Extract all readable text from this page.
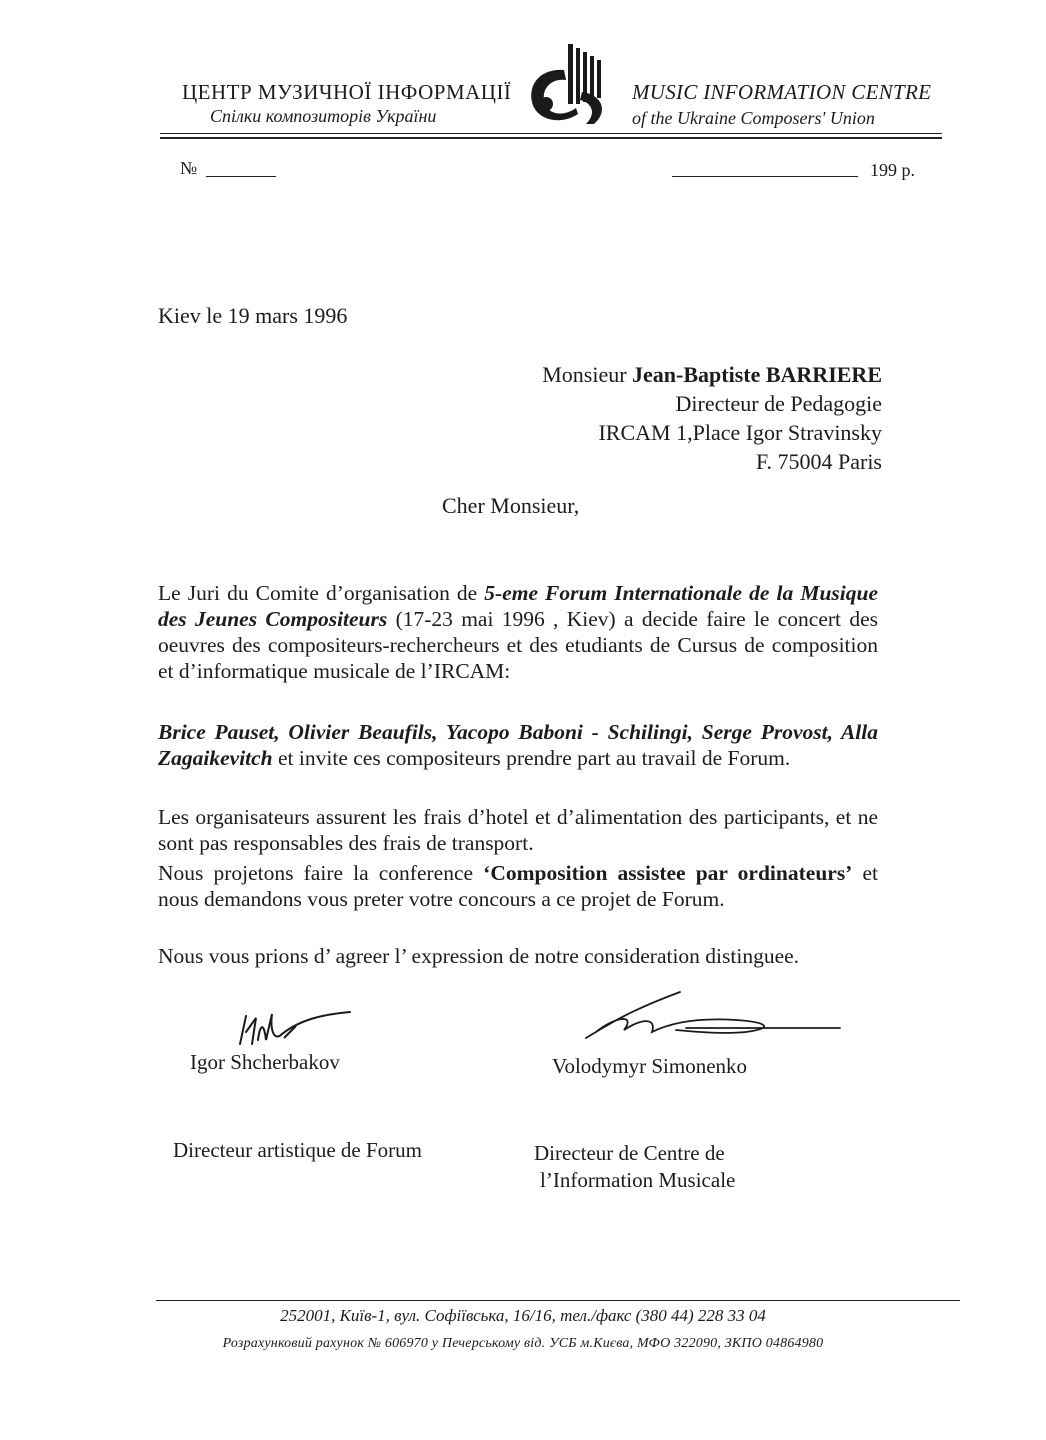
ЦЕНТР МУЗИЧНОЇ ІНФОРМАЦІЇ
Спілки композиторів України
MUSIC INFORMATION CENTRE
of the Ukraine Composers' Union
№	199 р.
Kiev le 19 mars 1996
Monsieur Jean-Baptiste BARRIERE
Directeur de Pedagogie
IRCAM 1,Place Igor Stravinsky
F. 75004 Paris
Cher Monsieur,
Le Juri du Comite d’organisation de 5-eme Forum Internationale de la Musique des Jeunes Compositeurs (17-23 mai 1996 , Kiev) a decide faire le concert des oeuvres des compositeurs-rechercheurs et des etudiants de Cursus de composition et d’informatique musicale de l’IRCAM:
Brice Pauset, Olivier Beaufils, Yacopo Baboni - Schilingi, Serge Provost, Alla Zagaikevitch et invite ces compositeurs prendre part au travail de Forum.
Les organisateurs assurent les frais d’hotel et d’alimentation des participants, et ne sont pas responsables des frais de transport.
Nous projetons faire la conference ‘Composition assistee par ordinateurs’ et nous demandons vous preter votre concours a ce projet de Forum.
Nous vous prions d’ agreer l’ expression de notre consideration distinguee.
Igor Shcherbakov	Volodymyr Simonenko
Directeur artistique de Forum	Directeur de Centre de
l’Information Musicale
252001, Київ-1, вул. Софіївська, 16/16, тел./факс (380 44) 228 33 04
Розрахунковий рахунок № 606970 у Печерському від. УСБ м.Києва, МФО 322090, ЗКПО 04864980
